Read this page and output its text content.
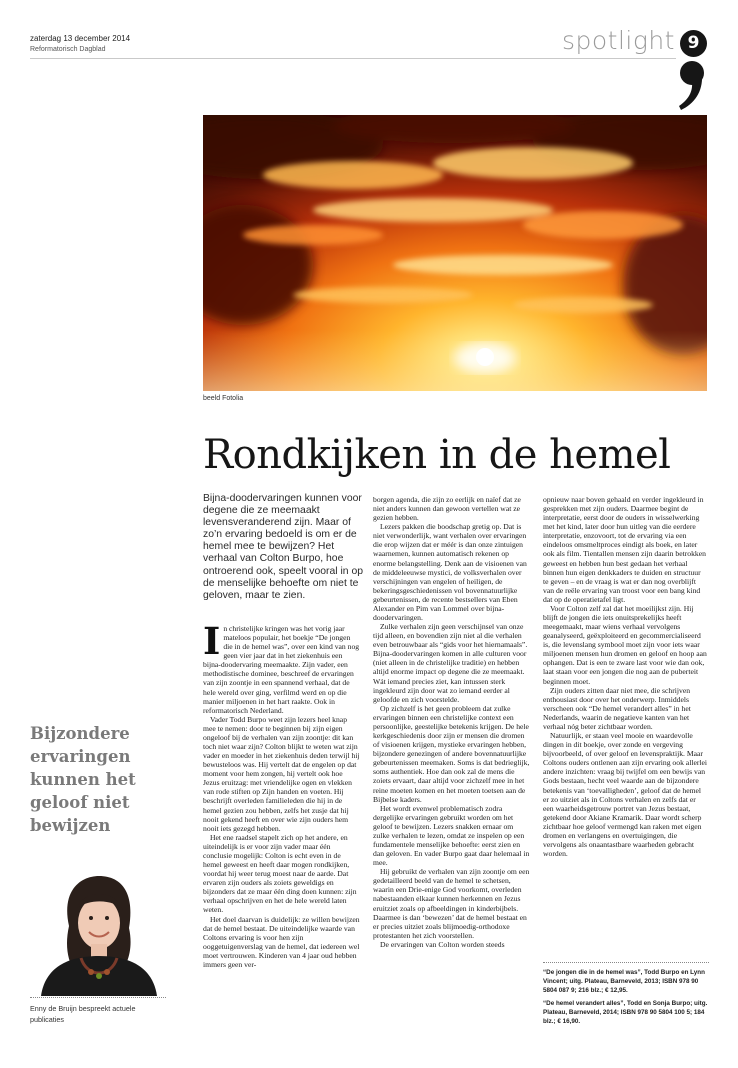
zaterdag 13 december 2014
Reformatorisch Dagblad	spotlight 9
beeld Fotolia
Rondkijken in de hemel

Bijna-doodervaringen kunnen voor degene die ze meemaakt levensveranderend zijn. Maar of zo’n ervaring bedoeld is om er de hemel mee te bewijzen? Het verhaal van Colton Burpo, hoe ontroerend ook, speelt vooral in op de menselijke behoefte om niet te geloven, maar te zien.

In christelijke kringen was het vorig jaar mateloos populair, het boekje “De jongen die in de hemel was”, over een kind van nog geen vier jaar dat in het ziekenhuis een bijna-doodervaring meemaakte. Zijn vader, een methodistische dominee, beschreef de ervaringen van zijn zoontje in een spannend verhaal, dat de hele wereld over ging, verfilmd werd en op die manier miljoenen in het hart raakte. Ook in reformatorisch Nederland.

Vader Todd Burpo weet zijn lezers heel knap mee te nemen: door te beginnen bij zijn eigen ongeloof bij de verhalen van zijn zoontje: dit kan toch niet waar zijn? Colton blijkt te weten wat zijn vader en moeder in het ziekenhuis deden terwijl hij bewusteloos was. Hij vertelt dat de engelen op dat moment voor hem zongen, hij vertelt ook hoe Jezus eruitzag: met vriendelijke ogen en vlekken van rode stiften op Zijn handen en voeten. Hij beschrijft overleden familieleden die hij in de hemel gezien zou hebben, zelfs het zusje dat hij nooit gekend heeft en over wie zijn ouders hem nooit iets gezegd hebben.

Het ene raadsel stapelt zich op het andere, en uiteindelijk is er voor zijn vader maar één conclusie mogelijk: Colton is echt even in de hemel geweest en heeft daar mogen rondkijken, voordat hij weer terug moest naar de aarde. Dat ervaren zijn ouders als zoiets geweldigs en bijzonders dat ze maar één ding doen kunnen: zijn verhaal opschrijven en het de hele wereld laten weten.

Het doel daarvan is duidelijk: ze willen bewijzen dat de hemel bestaat. De uiteindelijke waarde van Coltons ervaring is voor hen zijn ooggetuigenverslag van de hemel, dat iedereen wel moet vertrouwen. Kinderen van 4 jaar oud hebben immers geen ver-

borgen agenda, die zijn zo eerlijk en naïef dat ze niet anders kunnen dan gewoon vertellen wat ze gezien hebben.

Lezers pakken die boodschap gretig op. Dat is niet verwonderlijk, want verhalen over ervaringen die erop wijzen dat er méér is dan onze zintuigen waarnemen, kunnen automatisch rekenen op enorme belangstelling. Denk aan de visioenen van de middeleeuwse mystici, de volksverhalen over verschijningen van engelen of heiligen, de bekeringsgeschiedenissen vol bovennatuurlijke gebeurtenissen, de recente bestsellers van Eben Alexander en Pim van Lommel over bijna-doodervaringen.

Zulke verhalen zijn geen verschijnsel van onze tijd alleen, en bovendien zijn niet al die verhalen even betrouwbaar als “gids voor het hiernamaals”. Bijna-doodervaringen komen in alle culturen voor (niet alleen in de christelijke traditie) en hebben altijd enorme impact op degene die ze meemaakt. Wát iemand precies ziet, kan intussen sterk ingekleurd zijn door wat zo iemand eerder al geloofde en zich voorstelde.

Op zichzelf is het geen probleem dat zulke ervaringen binnen een christelijke context een persoonlijke, geestelijke betekenis krijgen. De hele kerkgeschiedenis door zijn er mensen die dromen of visioenen krijgen, mystieke ervaringen hebben, bijzondere genezingen of andere bovennatuurlijke gebeurtenissen meemaken. Soms is dat bedrieglijk, soms authentiek. Hoe dan ook zal de mens die zoiets ervaart, daar altijd voor zichzelf mee in het reine moeten komen en het moeten toetsen aan de Bijbelse kaders.

Het wordt evenwel problematisch zodra dergelijke ervaringen gebruikt worden om het geloof te bewijzen. Lezers snakken ernaar om zulke verhalen te lezen, omdat ze inspelen op een fundamentele menselijke behoefte: eerst zien en dan geloven. En vader Burpo gaat daar helemaal in mee.

Hij gebruikt de verhalen van zijn zoontje om een gedetailleerd beeld van de hemel te schetsen, waarin een Drie-enige God voorkomt, overleden nabestaanden elkaar kunnen herkennen en Jezus eruitziet zoals op afbeeldingen in kinderbijbels. Daarmee is dan ‘bewezen’ dat de hemel bestaat en er precies uitziet zoals blijmoedig-orthodoxe protestanten het zich voorstellen.

De ervaringen van Colton worden steeds

opnieuw naar boven gehaald en verder ingekleurd in gesprekken met zijn ouders. Daarmee begint de interpretatie, eerst door de ouders in wisselwerking met het kind, later door hun uitleg van die eerdere interpretatie, enzovoort, tot de ervaring via een eindeloos omsmeltproces eindigt als boek, en later ook als film. Tientallen mensen zijn daarin betrokken geweest en hebben hun best gedaan het verhaal binnen hun eigen denkkaders te duiden en structuur te geven – en de vraag is wat er dan nog overblijft van de reële ervaring van troost voor een bang kind dat op de operatietafel ligt.

Voor Colton zelf zal dat het moeilijkst zijn. Hij blijft de jongen die iets onuitsprekelijks heeft meegemaakt, maar wiens verhaal vervolgens geanalyseerd, geëxploiteerd en gecommercialiseerd is, die levenslang symbool moet zijn voor iets waar miljoenen mensen hun dromen en geloof en hoop aan ophangen. Dat is een te zware last voor wie dan ook, laat staan voor een jongen die nog aan de puberteit beginnen moet.

Zijn ouders zitten daar niet mee, die schrijven enthousiast door over het onderwerp. Inmiddels verscheen ook “De hemel verandert alles” in het Nederlands, waarin de negatieve kanten van het verhaal nóg beter zichtbaar worden.

Natuurlijk, er staan veel mooie en waardevolle dingen in dit boekje, over zonde en vergeving bijvoorbeeld, of over geloof en levenspraktijk. Maar Coltons ouders ontlenen aan zijn ervaring ook allerlei andere inzichten: vraag bij twijfel om een bewijs van Gods bestaan, hecht veel waarde aan de bijzondere betekenis van ‘toevalligheden’, geloof dat de hemel er zo uitziet als in Coltons verhalen en zelfs dat er een waarheidsgetrouw portret van Jezus bestaat, getekend door Akiane Kramarik. Daar wordt scherp zichtbaar hoe geloof vermengd kan raken met eigen dromen en verlangens en overtuigingen, die vervolgens als onaantastbare waarheden gebracht worden.

Bijzondere ervaringen kunnen het geloof niet bewijzen

Enny de Bruijn bespreekt actuele publicaties

“De jongen die in de hemel was”, Todd Burpo en Lynn Vincent; uitg. Plateau, Barneveld, 2013; ISBN 978 90 5804 087 9; 216 blz.; € 12,95.

“De hemel verandert alles”, Todd en Sonja Burpo; uitg. Plateau, Barneveld, 2014; ISBN 978 90 5804 100 5; 184 blz.; € 16,90.
